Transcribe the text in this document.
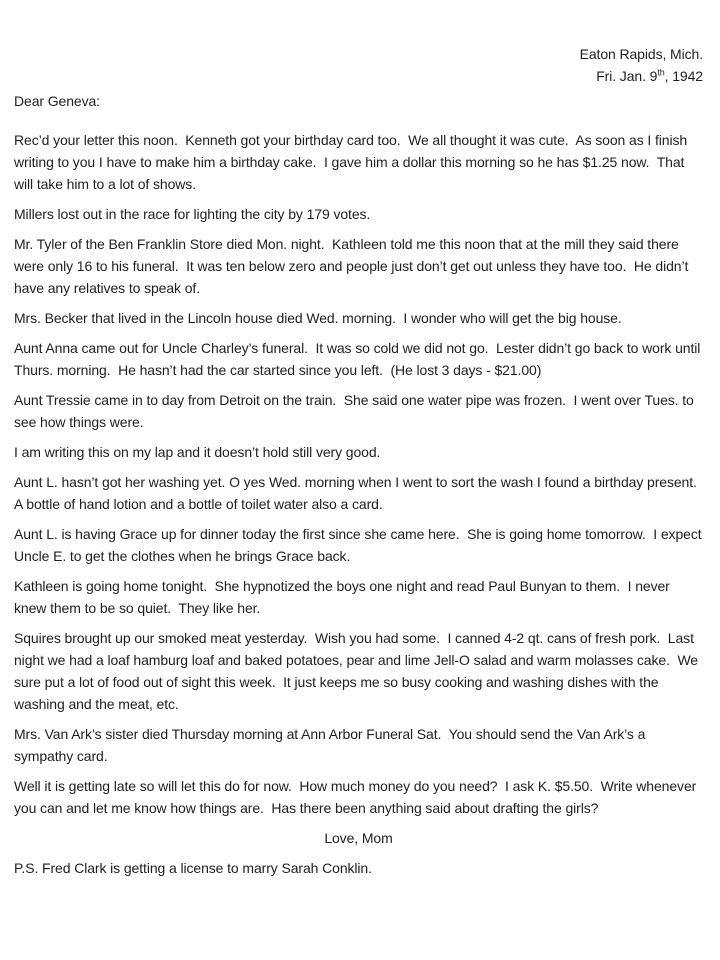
Eaton Rapids, Mich.
Fri. Jan. 9th, 1942
Dear Geneva:

Rec’d your letter this noon.  Kenneth got your birthday card too.  We all thought it was cute.  As soon as I finish writing to you I have to make him a birthday cake.  I gave him a dollar this morning so he has $1.25 now.  That will take him to a lot of shows.

Millers lost out in the race for lighting the city by 179 votes.

Mr. Tyler of the Ben Franklin Store died Mon. night.  Kathleen told me this noon that at the mill they said there were only 16 to his funeral.  It was ten below zero and people just don’t get out unless they have too.  He didn’t have any relatives to speak of.

Mrs. Becker that lived in the Lincoln house died Wed. morning.  I wonder who will get the big house.

Aunt Anna came out for Uncle Charley’s funeral.  It was so cold we did not go.  Lester didn’t go back to work until Thurs. morning.  He hasn’t had the car started since you left.  (He lost 3 days - $21.00)

Aunt Tressie came in to day from Detroit on the train.  She said one water pipe was frozen.  I went over Tues. to see how things were.

I am writing this on my lap and it doesn’t hold still very good.

Aunt L. hasn’t got her washing yet. O yes Wed. morning when I went to sort the wash I found a birthday present.  A bottle of hand lotion and a bottle of toilet water also a card.

Aunt L. is having Grace up for dinner today the first since she came here.  She is going home tomorrow.  I expect Uncle E. to get the clothes when he brings Grace back.

Kathleen is going home tonight.  She hypnotized the boys one night and read Paul Bunyan to them.  I never knew them to be so quiet.  They like her.

Squires brought up our smoked meat yesterday.  Wish you had some.  I canned 4-2 qt. cans of fresh pork.  Last night we had a loaf hamburg loaf and baked potatoes, pear and lime Jell-O salad and warm molasses cake.  We sure put a lot of food out of sight this week.  It just keeps me so busy cooking and washing dishes with the washing and the meat, etc.

Mrs. Van Ark’s sister died Thursday morning at Ann Arbor Funeral Sat.  You should send the Van Ark’s a sympathy card.

Well it is getting late so will let this do for now.  How much money do you need?  I ask K. $5.50.  Write whenever you can and let me know how things are.  Has there been anything said about drafting the girls?

Love, Mom
P.S. Fred Clark is getting a license to marry Sarah Conklin.
